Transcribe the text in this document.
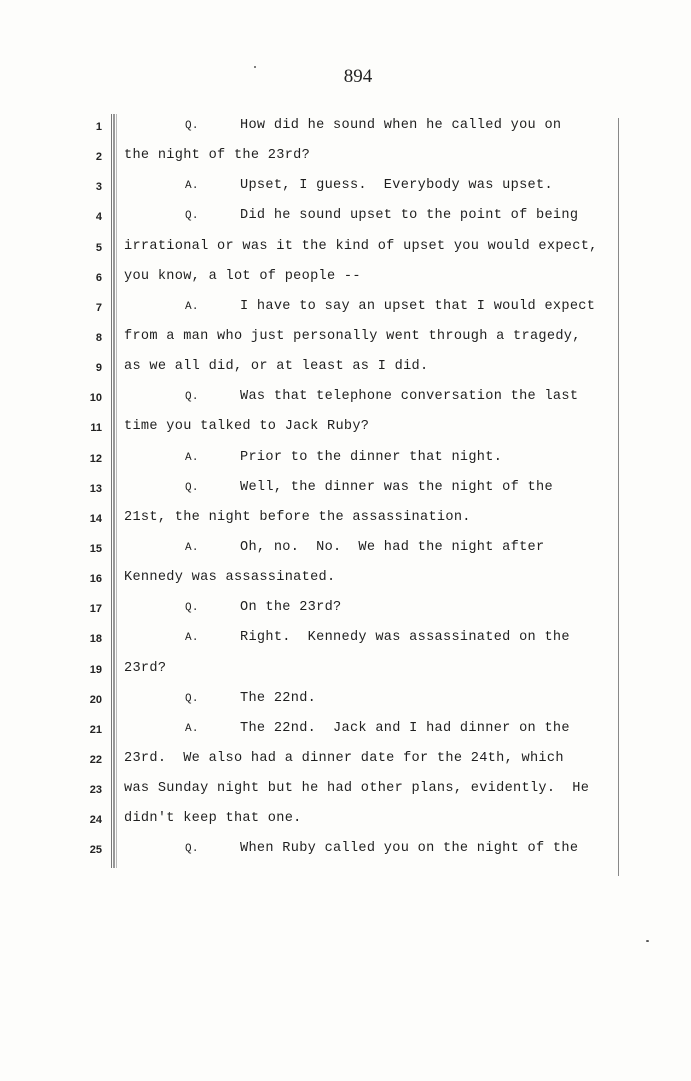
894
1	Q.	How did he sound when he called you on
2 the night of the 23rd?
3	A.	Upset, I guess.  Everybody was upset.
4	Q.	Did he sound upset to the point of being
5 irrational or was it the kind of upset you would expect,
6 you know, a lot of people --
7	A.	I have to say an upset that I would expect
8 from a man who just personally went through a tragedy,
9 as we all did, or at least as I did.
10	Q.	Was that telephone conversation the last
11 time you talked to Jack Ruby?
12	A.	Prior to the dinner that night.
13	Q.	Well, the dinner was the night of the
14 21st, the night before the assassination.
15	A.	Oh, no.  No.  We had the night after
16 Kennedy was assassinated.
17	Q.	On the 23rd?
18	A.	Right.  Kennedy was assassinated on the
19 23rd?
20	Q.	The 22nd.
21	A.	The 22nd.  Jack and I had dinner on the
22 23rd.  We also had a dinner date for the 24th, which
23 was Sunday night but he had other plans, evidently.  He
24 didn't keep that one.
25	Q.	When Ruby called you on the night of the
